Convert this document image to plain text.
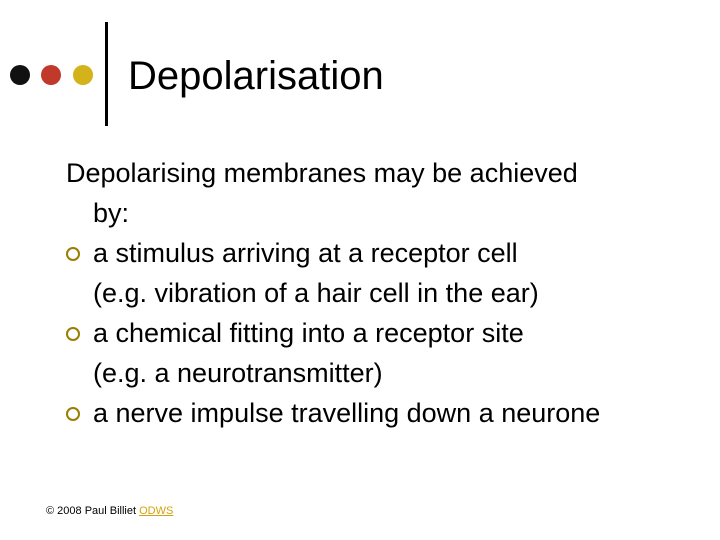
Depolarisation
Depolarising membranes may be achieved
by:
a stimulus arriving at a receptor cell
(e.g. vibration of a hair cell in the ear)
a chemical fitting into a receptor site
(e.g. a neurotransmitter)
a nerve impulse travelling down a neurone
© 2008 Paul Billiet ODWS
